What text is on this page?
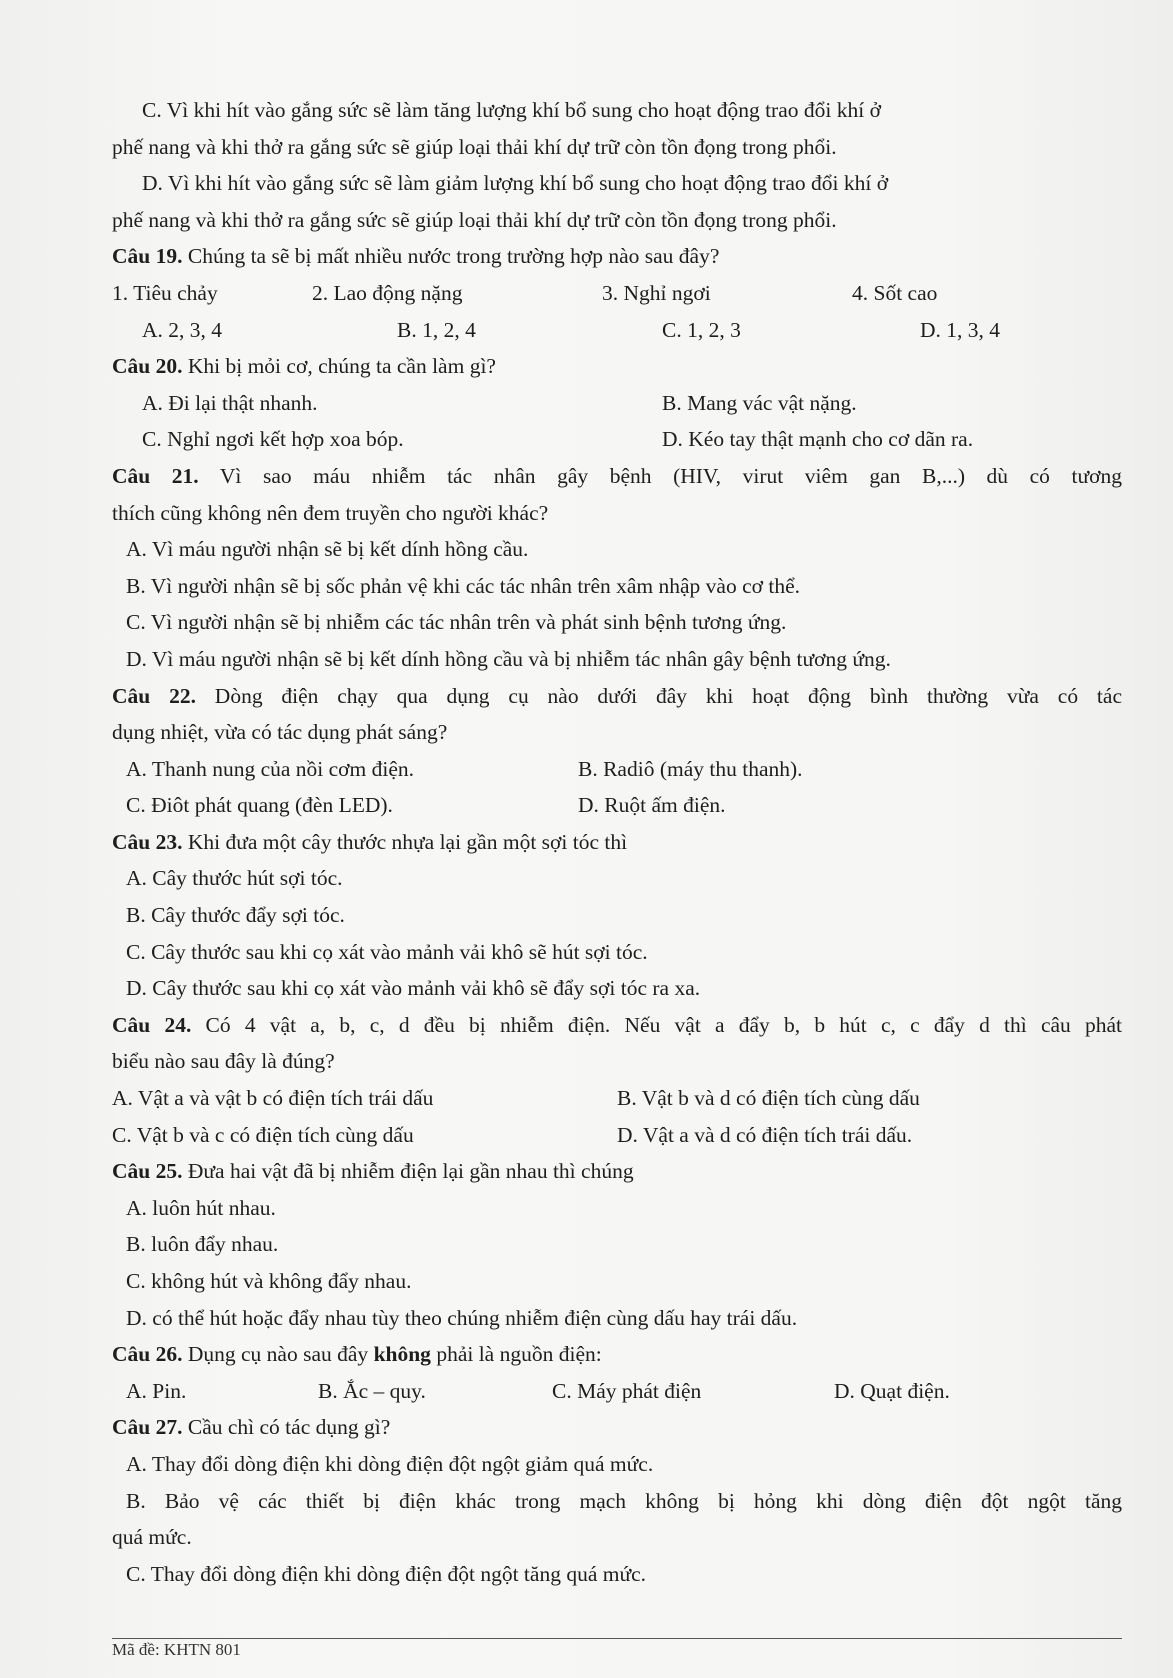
C. Vì khi hít vào gắng sức sẽ làm tăng lượng khí bổ sung cho hoạt động trao đổi khí ở
phế nang và khi thở ra gắng sức sẽ giúp loại thải khí dự trữ còn tồn đọng trong phổi.
D. Vì khi hít vào gắng sức sẽ làm giảm lượng khí bổ sung cho hoạt động trao đổi khí ở
phế nang và khi thở ra gắng sức sẽ giúp loại thải khí dự trữ còn tồn đọng trong phổi.
Câu 19. Chúng ta sẽ bị mất nhiều nước trong trường hợp nào sau đây?
1. Tiêu chảy	2. Lao động nặng	3. Nghỉ ngơi	4. Sốt cao
A. 2, 3, 4	B. 1, 2, 4	C. 1, 2, 3	D. 1, 3, 4
Câu 20. Khi bị mỏi cơ, chúng ta cần làm gì?
A. Đi lại thật nhanh.	B. Mang vác vật nặng.
C. Nghỉ ngơi kết hợp xoa bóp.	D. Kéo tay thật mạnh cho cơ dãn ra.
Câu 21. Vì sao máu nhiễm tác nhân gây bệnh (HIV, virut viêm gan B,...) dù có tương
thích cũng không nên đem truyền cho người khác?
A. Vì máu người nhận sẽ bị kết dính hồng cầu.
B. Vì người nhận sẽ bị sốc phản vệ khi các tác nhân trên xâm nhập vào cơ thể.
C. Vì người nhận sẽ bị nhiễm các tác nhân trên và phát sinh bệnh tương ứng.
D. Vì máu người nhận sẽ bị kết dính hồng cầu và bị nhiễm tác nhân gây bệnh tương ứng.
Câu 22. Dòng điện chạy qua dụng cụ nào dưới đây khi hoạt động bình thường vừa có tác
dụng nhiệt, vừa có tác dụng phát sáng?
A. Thanh nung của nồi cơm điện.	B. Radiô (máy thu thanh).
C. Điôt phát quang (đèn LED).	D. Ruột ấm điện.
Câu 23. Khi đưa một cây thước nhựa lại gần một sợi tóc thì
A. Cây thước hút sợi tóc.
B. Cây thước đẩy sợi tóc.
C. Cây thước sau khi cọ xát vào mảnh vải khô sẽ hút sợi tóc.
D. Cây thước sau khi cọ xát vào mảnh vải khô sẽ đẩy sợi tóc ra xa.
Câu 24. Có 4 vật a, b, c, d đều bị nhiễm điện. Nếu vật a đẩy b, b hút c, c đẩy d thì câu phát
biểu nào sau đây là đúng?
A. Vật a và vật b có điện tích trái dấu	B. Vật b và d có điện tích cùng dấu
C. Vật b và c có điện tích cùng dấu	D. Vật a và d có điện tích trái dấu.
Câu 25. Đưa hai vật đã bị nhiễm điện lại gần nhau thì chúng
A. luôn hút nhau.
B. luôn đẩy nhau.
C. không hút và không đẩy nhau.
D. có thể hút hoặc đẩy nhau tùy theo chúng nhiễm điện cùng dấu hay trái dấu.
Câu 26. Dụng cụ nào sau đây không phải là nguồn điện:
A. Pin.	B. Ắc – quy.	C. Máy phát điện	D. Quạt điện.
Câu 27. Cầu chì có tác dụng gì?
A. Thay đổi dòng điện khi dòng điện đột ngột giảm quá mức.
B. Bảo vệ các thiết bị điện khác trong mạch không bị hỏng khi dòng điện đột ngột tăng
quá mức.
C. Thay đổi dòng điện khi dòng điện đột ngột tăng quá mức.
Mã đề: KHTN 801
